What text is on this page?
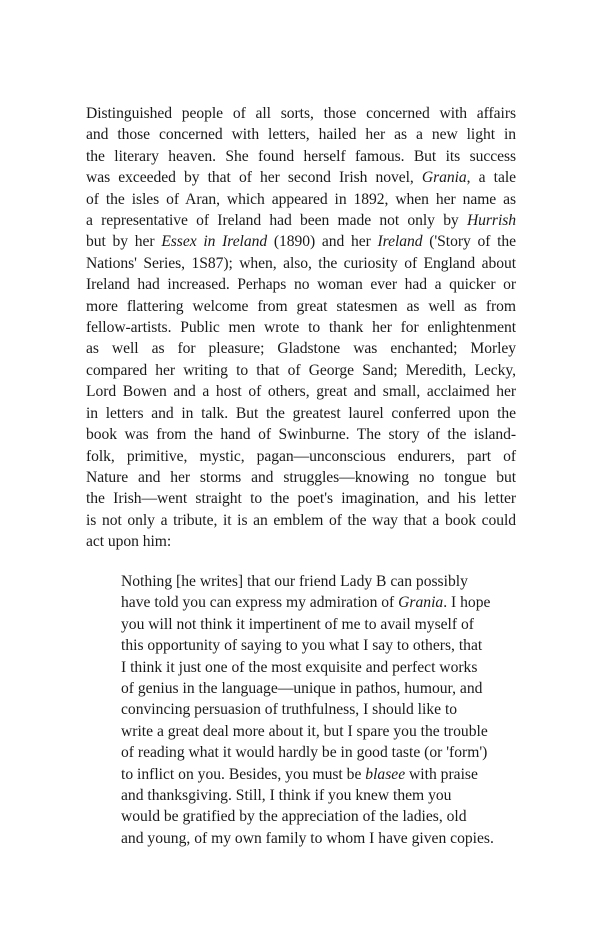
Distinguished people of all sorts, those concerned with affairs
and those concerned with letters, hailed her as a new light in
the literary heaven. She found herself famous. But its success
was exceeded by that of her second Irish novel, Grania, a tale
of the isles of Aran, which appeared in 1892, when her name as
a representative of Ireland had been made not only by Hurrish
but by her Essex in Ireland (1890) and her Ireland ('Story of the
Nations' Series, 1S87); when, also, the curiosity of England about
Ireland had increased. Perhaps no woman ever had a quicker or
more flattering welcome from great statesmen as well as from
fellow-artists. Public men wrote to thank her for enlightenment
as well as for pleasure; Gladstone was enchanted; Morley
compared her writing to that of George Sand; Meredith, Lecky,
Lord Bowen and a host of others, great and small, acclaimed her
in letters and in talk. But the greatest laurel conferred upon the
book was from the hand of Swinburne. The story of the island-
folk, primitive, mystic, pagan—unconscious endurers, part of
Nature and her storms and struggles—knowing no tongue but
the Irish—went straight to the poet's imagination, and his letter
is not only a tribute, it is an emblem of the way that a book could
act upon him:
Nothing [he writes] that our friend Lady B can possibly
have told you can express my admiration of Grania. I hope
you will not think it impertinent of me to avail myself of
this opportunity of saying to you what I say to others, that
I think it just one of the most exquisite and perfect works
of genius in the language—unique in pathos, humour, and
convincing persuasion of truthfulness, I should like to
write a great deal more about it, but I spare you the trouble
of reading what it would hardly be in good taste (or 'form')
to inflict on you. Besides, you must be blasee with praise
and thanksgiving. Still, I think if you knew them you
would be gratified by the appreciation of the ladies, old
and young, of my own family to whom I have given copies.
